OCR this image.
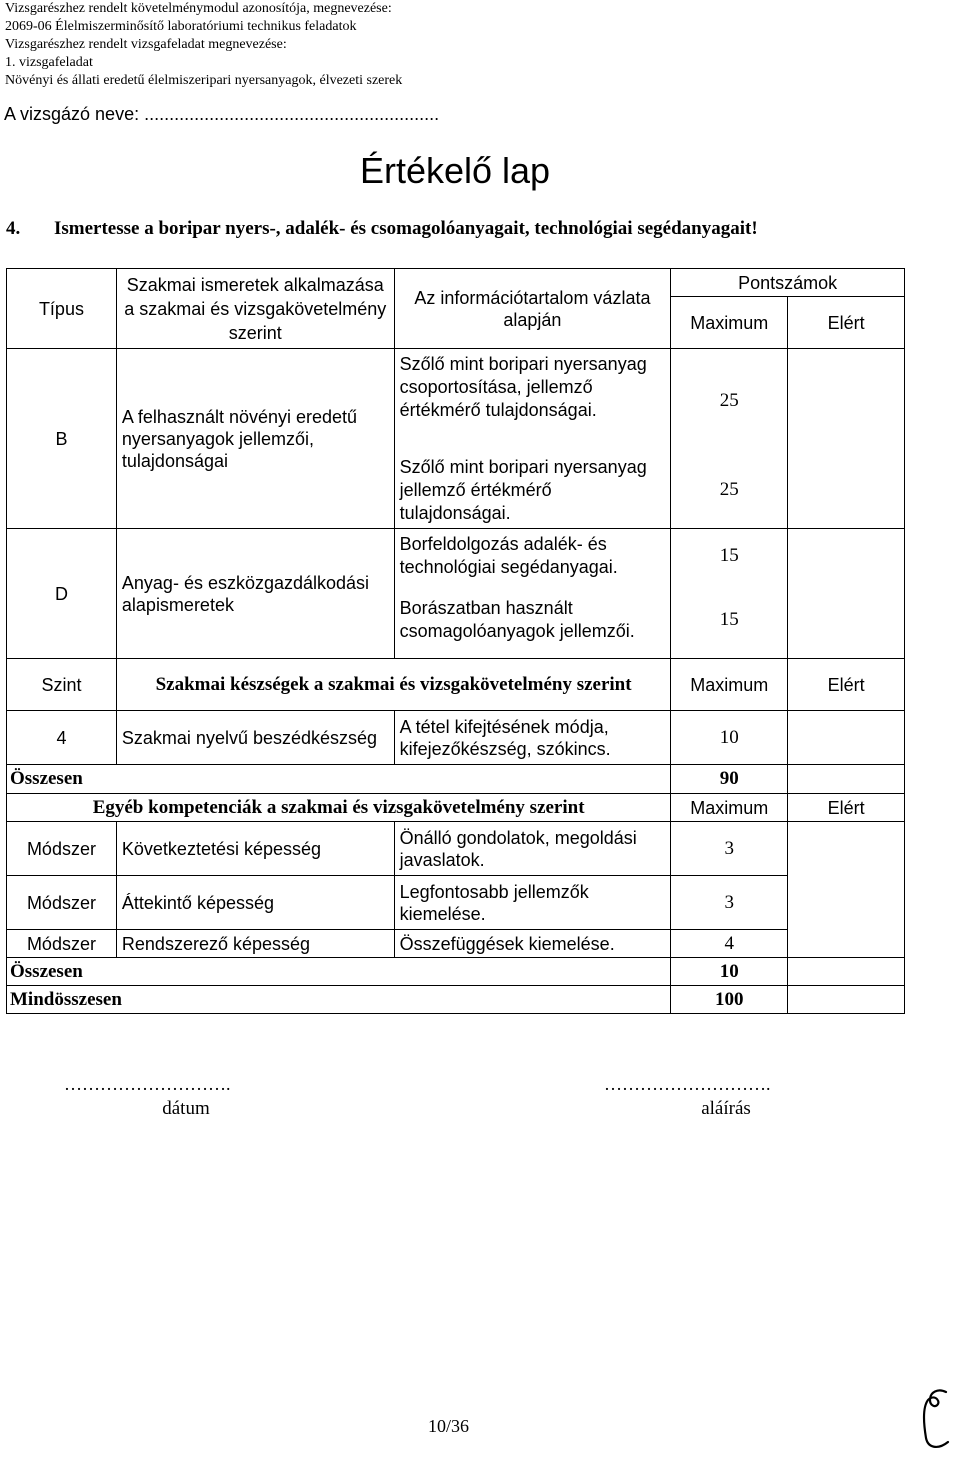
Vizsgarészhez rendelt követelménymodul azonosítója, megnevezése:
2069-06 Élelmiszerminősítő laboratóriumi technikus feladatok
Vizsgarészhez rendelt vizsgafeladat megnevezése:
1. vizsgafeladat
Növényi és állati eredetű élelmiszeripari nyersanyagok, élvezeti szerek
A vizsgázó neve: ...........................................................
Értékelő lap
4. Ismertesse a boripar nyers-, adalék- és csomagolóanyagait, technológiai segédanyagait!
Típus	Szakmai ismeretek alkalmazása a szakmai és vizsgakövetelmény szerint	Az információtartalom vázlata alapján	Pontszámok	
			Maximum	Elért
B	A felhasznált növényi eredetű nyersanyagok jellemzői, tulajdonságai	Szőlő mint boripari nyersanyag csoportosítása, jellemző értékmérő tulajdonságai.	25	
		Szőlő mint boripari nyersanyag jellemző értékmérő tulajdonságai.	25	
D	Anyag- és eszközgazdálkodási alapismeretek	Borfeldolgozás adalék- és technológiai segédanyagai.	15	
		Borászatban használt csomagolóanyagok jellemzői.	15	
Szint	Szakmai készségek a szakmai és vizsgakövetelmény szerint		Maximum	Elért
4	Szakmai nyelvű beszédkészség	A tétel kifejtésének módja, kifejezőkészség, szókincs.	10	
Összesen			90	
Egyéb kompetenciák a szakmai és vizsgakövetelmény szerint			Maximum	Elért
Módszer	Következtetési képesség	Önálló gondolatok, megoldási javaslatok.	3	
Módszer	Áttekintő képesség	Legfontosabb jellemzők kiemelése.	3	
Módszer	Rendszerező képesség	Összefüggések kiemelése.	4	
Összesen			10	
Mindösszesen			100	
……………………….
dátum
……………………….
aláírás
10/36
